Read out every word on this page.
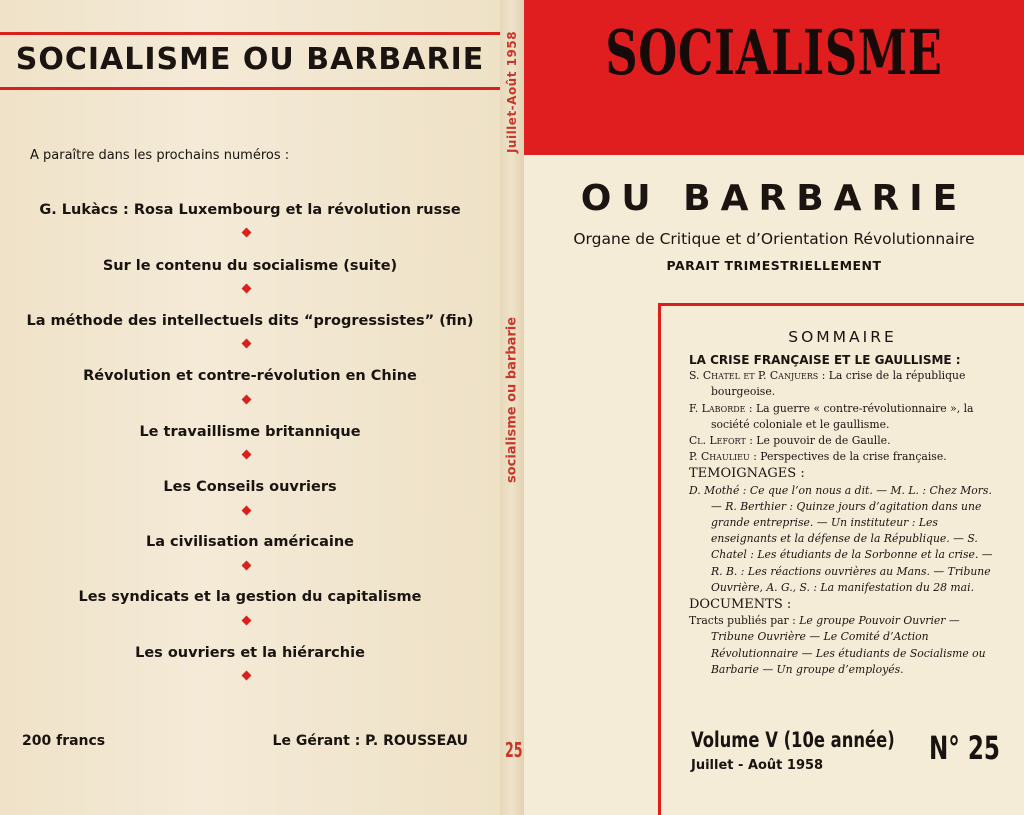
SOCIALISME OU BARBARIE
A paraître dans les prochains numéros :
G. Lukàcs : Rosa Luxembourg et la révolution russe
Sur le contenu du socialisme (suite)
La méthode des intellectuels dits “progressistes” (fin)
Révolution et contre-révolution en Chine
Le travaillisme britannique
Les Conseils ouvriers
La civilisation américaine
Les syndicats et la gestion du capitalisme
Les ouvriers et la hiérarchie
200 francs	Le Gérant : P. ROUSSEAU
Juillet-Août 1958
socialisme ou barbarie
25
SOCIALISME
OU BARBARIE
Organe de Critique et d’Orientation Révolutionnaire
PARAIT TRIMESTRIELLEMENT
SOMMAIRE
LA CRISE FRANÇAISE ET LE GAULLISME :
S. Chatel et P. Canjuers : La crise de la république bourgeoise.
F. Laborde : La guerre « contre-révolutionnaire », la société coloniale et le gaullisme.
Cl. Lefort : Le pouvoir de de Gaulle.
P. Chaulieu : Perspectives de la crise française.
TEMOIGNAGES :
D. Mothé : Ce que l’on nous a dit. — M. L. : Chez Mors. — R. Berthier : Quinze jours d’agitation dans une grande entreprise. — Un instituteur : Les enseignants et la défense de la République. — S. Chatel : Les étudiants de la Sorbonne et la crise. — R. B. : Les réactions ouvrières au Mans. — Tribune Ouvrière, A. G., S. : La manifestation du 28 mai.
DOCUMENTS :
Tracts publiés par : Le groupe Pouvoir Ouvrier — Tribune Ouvrière — Le Comité d’Action Révolutionnaire — Les étudiants de Socialisme ou Barbarie — Un groupe d’employés.
Volume V (10e année)
Juillet - Août 1958	N° 25
